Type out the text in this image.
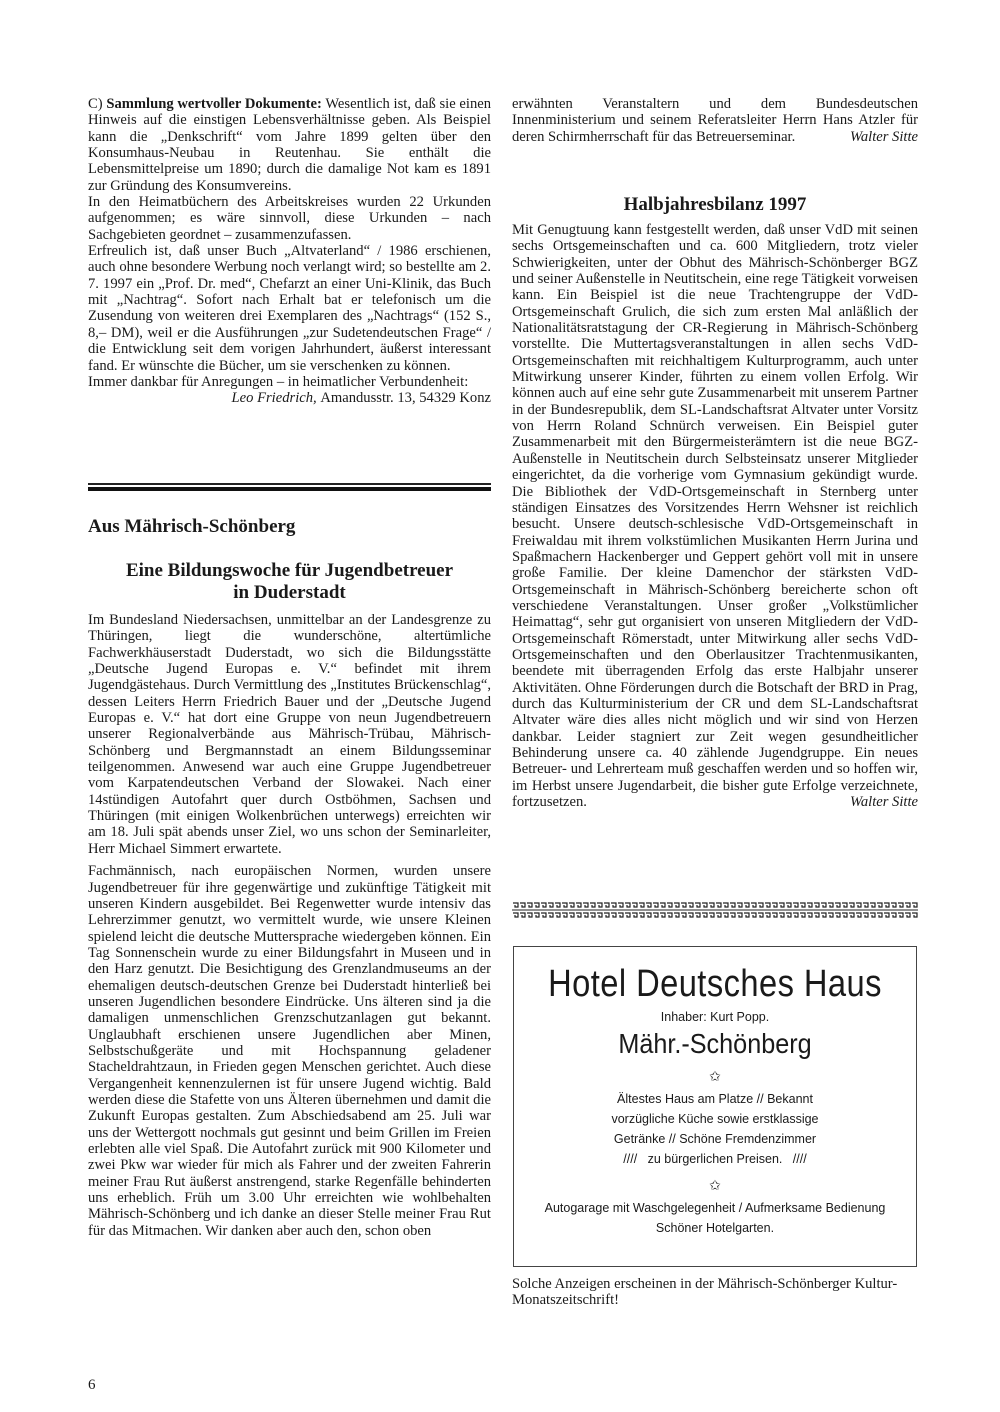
C) Sammlung wertvoller Dokumente: Wesentlich ist, daß sie einen Hinweis auf die einstigen Lebensverhältnisse geben. Als Beispiel kann die „Denkschrift“ vom Jahre 1899 gelten über den Konsumhaus-Neubau in Reutenhau. Sie enthält die Lebensmittelpreise um 1890; durch die damalige Not kam es 1891 zur Gründung des Konsumvereins.

In den Heimatbüchern des Arbeitskreises wurden 22 Urkunden aufgenommen; es wäre sinnvoll, diese Urkunden – nach Sachgebieten geordnet – zusammenzufassen.

Erfreulich ist, daß unser Buch „Altvaterland“ / 1986 erschienen, auch ohne besondere Werbung noch verlangt wird; so bestellte am 2. 7. 1997 ein „Prof. Dr. med“, Chefarzt an einer Uni-Klinik, das Buch mit „Nachtrag“. Sofort nach Erhalt bat er telefonisch um die Zusendung von weiteren drei Exemplaren des „Nachtrags“ (152 S., 8,– DM), weil er die Ausführungen „zur Sudetendeutschen Frage“ / die Entwicklung seit dem vorigen Jahrhundert, äußerst interessant fand. Er wünschte die Bücher, um sie verschenken zu können.

Immer dankbar für Anregungen – in heimatlicher Verbundenheit:
Leo Friedrich, Amandusstr. 13, 54329 Konz

Aus Mährisch-Schönberg
Eine Bildungswoche für Jugendbetreuer
in Duderstadt

Im Bundesland Niedersachsen, unmittelbar an der Landesgrenze zu Thüringen, liegt die wunderschöne, altertümliche Fachwerkhäuserstadt Duderstadt, wo sich die Bildungsstätte „Deutsche Jugend Europas e. V.“ befindet mit ihrem Jugendgästehaus. Durch Vermittlung des „Institutes Brückenschlag“, dessen Leiters Herrn Friedrich Bauer und der „Deutsche Jugend Europas e. V.“ hat dort eine Gruppe von neun Jugendbetreuern unserer Regionalverbände aus Mährisch-Trübau, Mährisch-Schönberg und Bergmannstadt an einem Bildungsseminar teilgenommen. Anwesend war auch eine Gruppe Jugendbetreuer vom Karpatendeutschen Verband der Slowakei. Nach einer 14stündigen Autofahrt quer durch Ostböhmen, Sachsen und Thüringen (mit einigen Wolkenbrüchen unterwegs) erreichten wir am 18. Juli spät abends unser Ziel, wo uns schon der Seminarleiter, Herr Michael Simmert erwartete.

Fachmännisch, nach europäischen Normen, wurden unsere Jugendbetreuer für ihre gegenwärtige und zukünftige Tätigkeit mit unseren Kindern ausgebildet. Bei Regenwetter wurde intensiv das Lehrerzimmer genutzt, wo vermittelt wurde, wie unsere Kleinen spielend leicht die deutsche Muttersprache wiedergeben können. Ein Tag Sonnenschein wurde zu einer Bildungsfahrt in Museen und in den Harz genutzt. Die Besichtigung des Grenzlandmuseums an der ehemaligen deutsch-deutschen Grenze bei Duderstadt hinterließ bei unseren Jugendlichen besondere Eindrücke. Uns älteren sind ja die damaligen unmenschlichen Grenzschutzanlagen gut bekannt. Unglaubhaft erschienen unsere Jugendlichen aber Minen, Selbstschußgeräte und mit Hochspannung geladener Stacheldrahtzaun, in Frieden gegen Menschen gerichtet. Auch diese Vergangenheit kennenzulernen ist für unsere Jugend wichtig. Bald werden diese die Stafette von uns Älteren übernehmen und damit die Zukunft Europas gestalten. Zum Abschiedsabend am 25. Juli war uns der Wettergott nochmals gut gesinnt und beim Grillen im Freien erlebten alle viel Spaß. Die Autofahrt zurück mit 900 Kilometer und zwei Pkw war wieder für mich als Fahrer und der zweiten Fahrerin meiner Frau Rut äußerst anstrengend, starke Regenfälle behinderten uns erheblich. Früh um 3.00 Uhr erreichten wie wohlbehalten Mährisch-Schönberg und ich danke an dieser Stelle meiner Frau Rut für das Mitmachen. Wir danken aber auch den, schon oben

6

erwähnten Veranstaltern und dem Bundesdeutschen Innenministerium und seinem Referatsleiter Herrn Hans Atzler für deren Schirmherrschaft für das Betreuerseminar.	Walter Sitte

Halbjahresbilanz 1997

Mit Genugtuung kann festgestellt werden, daß unser VdD mit seinen sechs Ortsgemeinschaften und ca. 600 Mitgliedern, trotz vieler Schwierigkeiten, unter der Obhut des Mährisch-Schönberger BGZ und seiner Außenstelle in Neutitschein, eine rege Tätigkeit vorweisen kann. Ein Beispiel ist die neue Trachtengruppe der VdD-Ortsgemeinschaft Grulich, die sich zum ersten Mal anläßlich der Nationalitätsratstagung der CR-Regierung in Mährisch-Schönberg vorstellte. Die Muttertagsveranstaltungen in allen sechs VdD-Ortsgemeinschaften mit reichhaltigem Kulturprogramm, auch unter Mitwirkung unserer Kinder, führten zu einem vollen Erfolg. Wir können auch auf eine sehr gute Zusammenarbeit mit unserem Partner in der Bundesrepublik, dem SL-Landschaftsrat Altvater unter Vorsitz von Herrn Roland Schnürch verweisen. Ein Beispiel guter Zusammenarbeit mit den Bürgermeisterämtern ist die neue BGZ-Außenstelle in Neutitschein durch Selbsteinsatz unserer Mitglieder eingerichtet, da die vorherige vom Gymnasium gekündigt wurde. Die Bibliothek der VdD-Ortsgemeinschaft in Sternberg unter ständigen Einsatzes des Vorsitzendes Herrn Wehsner ist reichlich besucht. Unsere deutsch-schlesische VdD-Ortsgemeinschaft in Freiwaldau mit ihrem volkstümlichen Musikanten Herrn Jurina und Spaßmachern Hackenberger und Geppert gehört voll mit in unsere große Familie. Der kleine Damenchor der stärksten VdD-Ortsgemeinschaft in Mährisch-Schönberg bereicherte schon oft verschiedene Veranstaltungen. Unser großer „Volkstümlicher Heimattag“, sehr gut organisiert von unseren Mitgliedern der VdD-Ortsgemeinschaft Römerstadt, unter Mitwirkung aller sechs VdD-Ortsgemeinschaften und den Oberlausitzer Trachtenmusikanten, beendete mit überragenden Erfolg das erste Halbjahr unserer Aktivitäten. Ohne Förderungen durch die Botschaft der BRD in Prag, durch das Kulturministerium der CR und dem SL-Landschaftsrat Altvater wäre dies alles nicht möglich und wir sind von Herzen dankbar. Leider stagniert zur Zeit wegen gesundheitlicher Behinderung unsere ca. 40 zählende Jugendgruppe. Ein neues Betreuer- und Lehrerteam muß geschaffen werden und so hoffen wir, im Herbst unsere Jugendarbeit, die bisher gute Erfolge verzeichnete, fortzusetzen.	Walter Sitte

Hotel Deutsches Haus
Inhaber: Kurt Popp.
Mähr.-Schönberg
✩
Ältestes Haus am Platze // Bekannt
vorzügliche Küche sowie erstklassige
Getränke // Schöne Fremdenzimmer
////   zu bürgerlichen Preisen.   ////
✩
Autogarage mit Waschgelegenheit / Aufmerksame Bedienung
Schöner Hotelgarten.
Solche Anzeigen erscheinen in der Mährisch-Schönberger Kultur-Monatszeitschrift!
